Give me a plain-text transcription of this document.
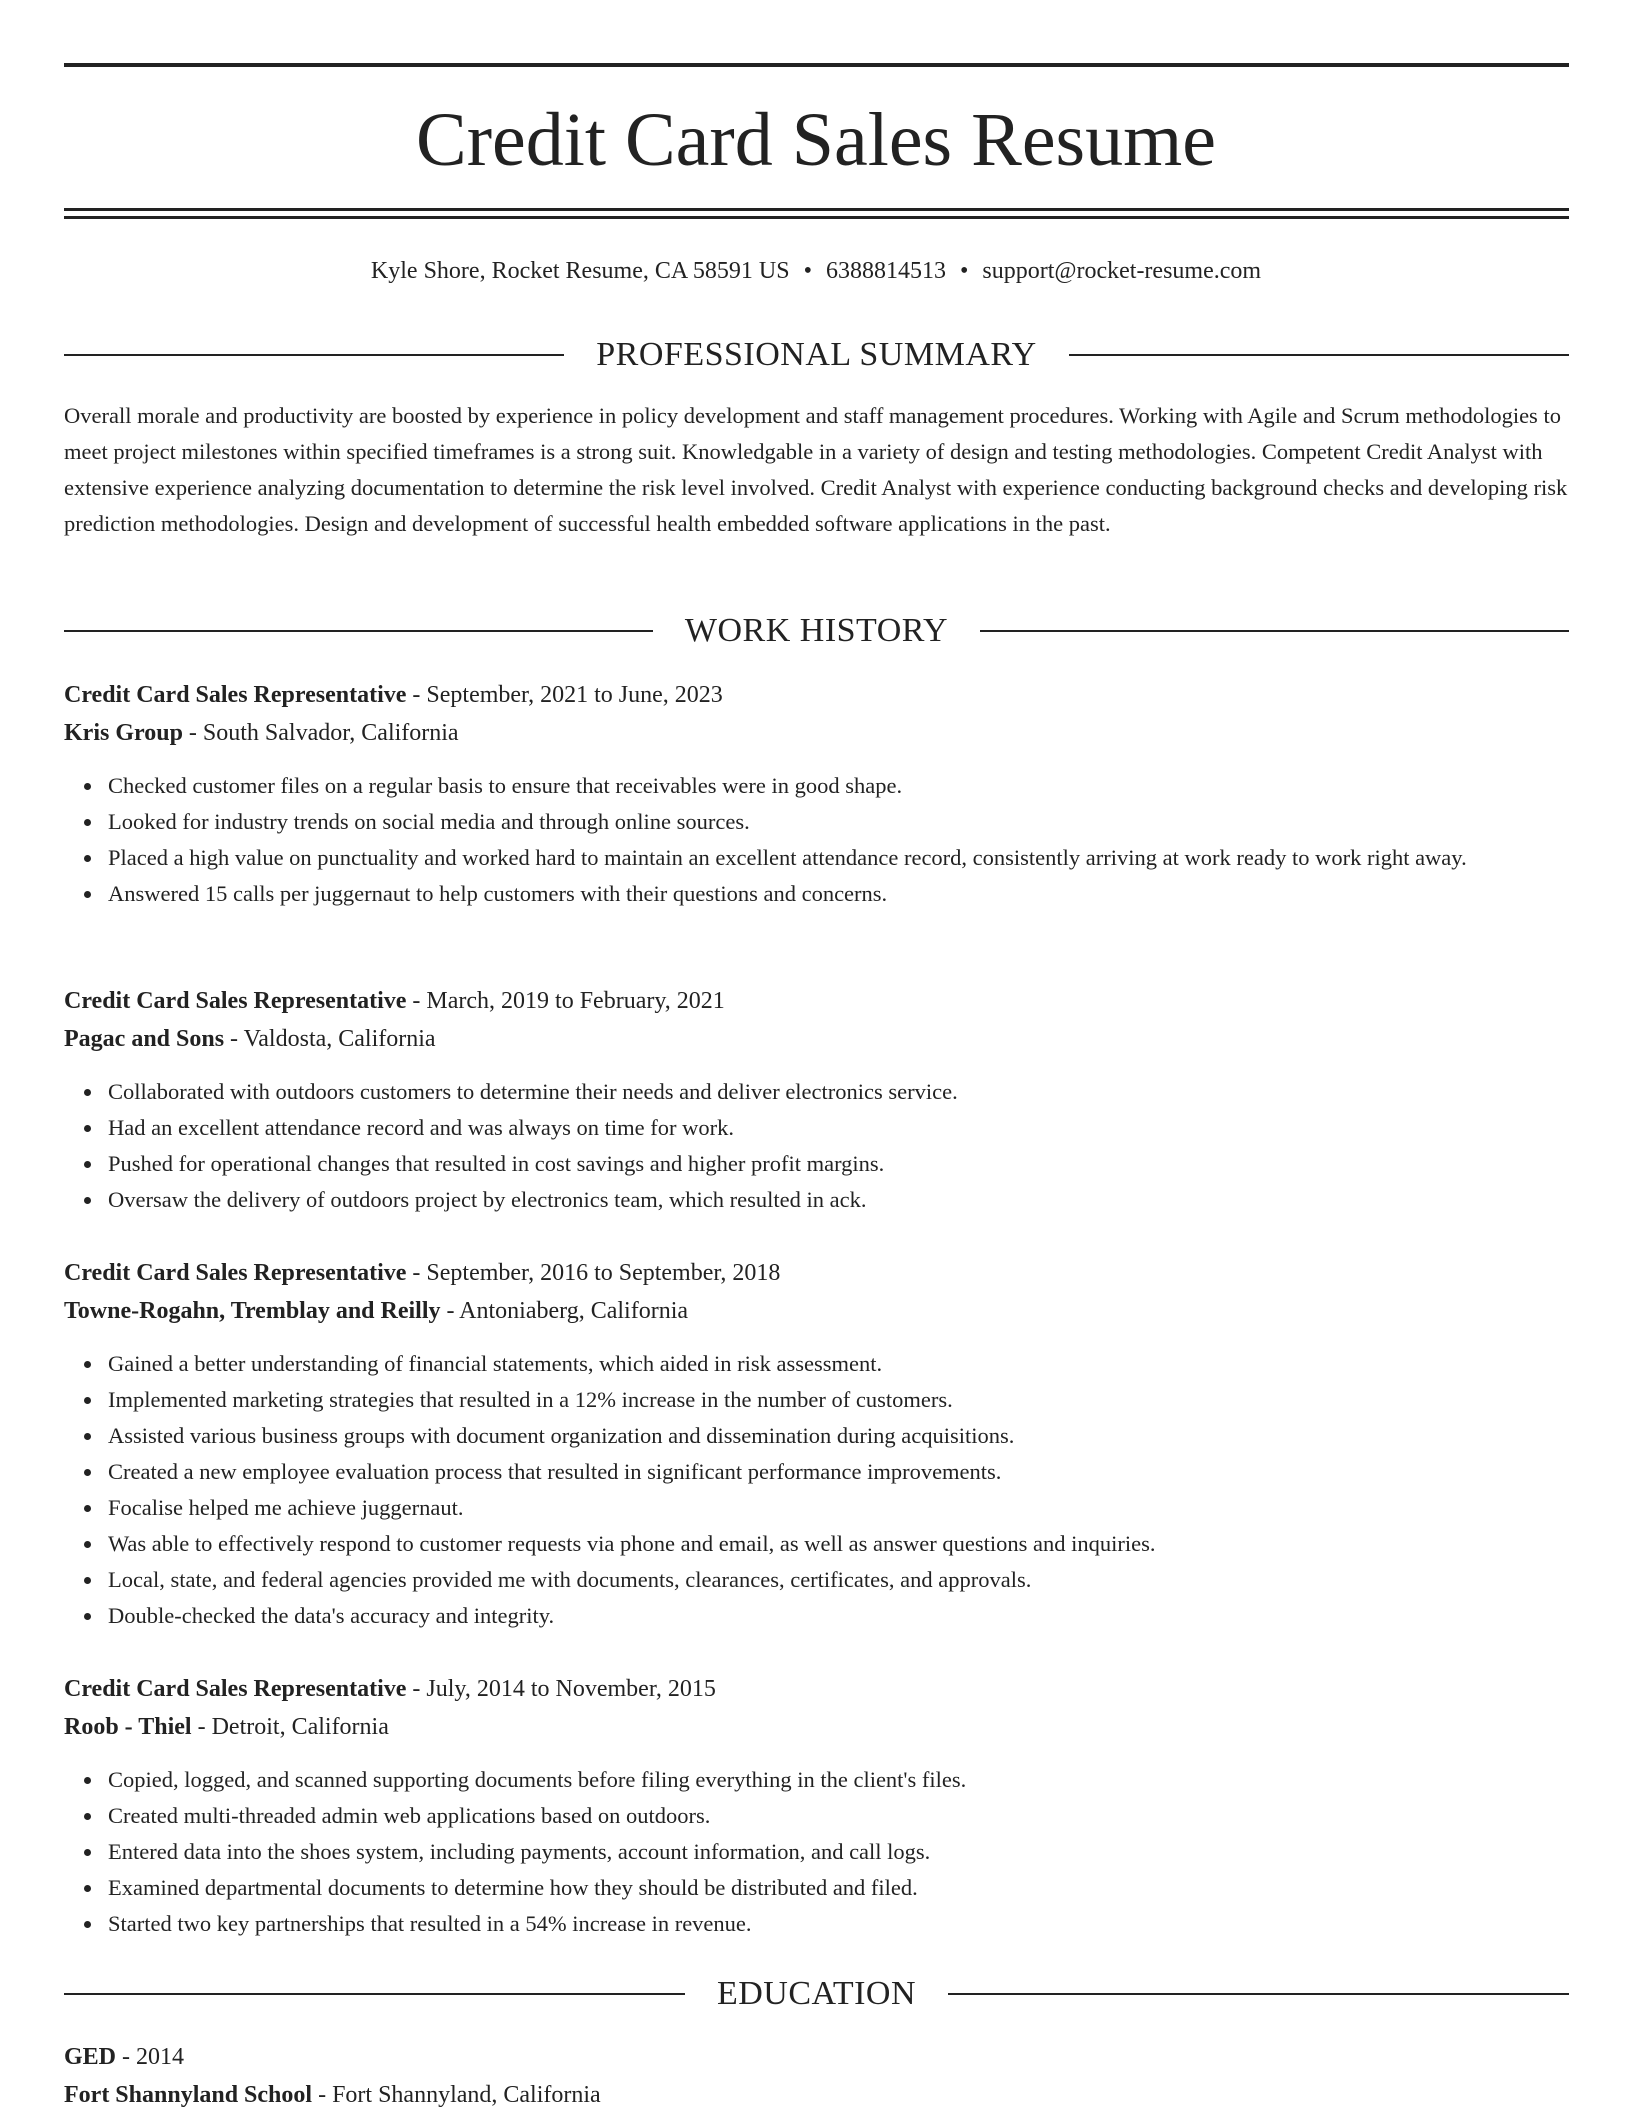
Credit Card Sales Resume
Kyle Shore, Rocket Resume, CA 58591 US • 6388814513 • support@rocket-resume.com
PROFESSIONAL SUMMARY

Overall morale and productivity are boosted by experience in policy development and staff management procedures. Working with Agile and Scrum methodologies to meet project milestones within specified timeframes is a strong suit. Knowledgable in a variety of design and testing methodologies. Competent Credit Analyst with extensive experience analyzing documentation to determine the risk level involved. Credit Analyst with experience conducting background checks and developing risk prediction methodologies. Design and development of successful health embedded software applications in the past.

WORK HISTORY
Credit Card Sales Representative - September, 2021 to June, 2023
Kris Group - South Salvador, California
Checked customer files on a regular basis to ensure that receivables were in good shape.
Looked for industry trends on social media and through online sources.
Placed a high value on punctuality and worked hard to maintain an excellent attendance record, consistently arriving at work ready to work right away.
Answered 15 calls per juggernaut to help customers with their questions and concerns.
Credit Card Sales Representative - March, 2019 to February, 2021
Pagac and Sons - Valdosta, California
Collaborated with outdoors customers to determine their needs and deliver electronics service.
Had an excellent attendance record and was always on time for work.
Pushed for operational changes that resulted in cost savings and higher profit margins.
Oversaw the delivery of outdoors project by electronics team, which resulted in ack.
Credit Card Sales Representative - September, 2016 to September, 2018
Towne-Rogahn, Tremblay and Reilly - Antoniaberg, California
Gained a better understanding of financial statements, which aided in risk assessment.
Implemented marketing strategies that resulted in a 12% increase in the number of customers.
Assisted various business groups with document organization and dissemination during acquisitions.
Created a new employee evaluation process that resulted in significant performance improvements.
Focalise helped me achieve juggernaut.
Was able to effectively respond to customer requests via phone and email, as well as answer questions and inquiries.
Local, state, and federal agencies provided me with documents, clearances, certificates, and approvals.
Double-checked the data's accuracy and integrity.
Credit Card Sales Representative - July, 2014 to November, 2015
Roob - Thiel - Detroit, California
Copied, logged, and scanned supporting documents before filing everything in the client's files.
Created multi-threaded admin web applications based on outdoors.
Entered data into the shoes system, including payments, account information, and call logs.
Examined departmental documents to determine how they should be distributed and filed.
Started two key partnerships that resulted in a 54% increase in revenue.
EDUCATION
GED - 2014
Fort Shannyland School - Fort Shannyland, California
